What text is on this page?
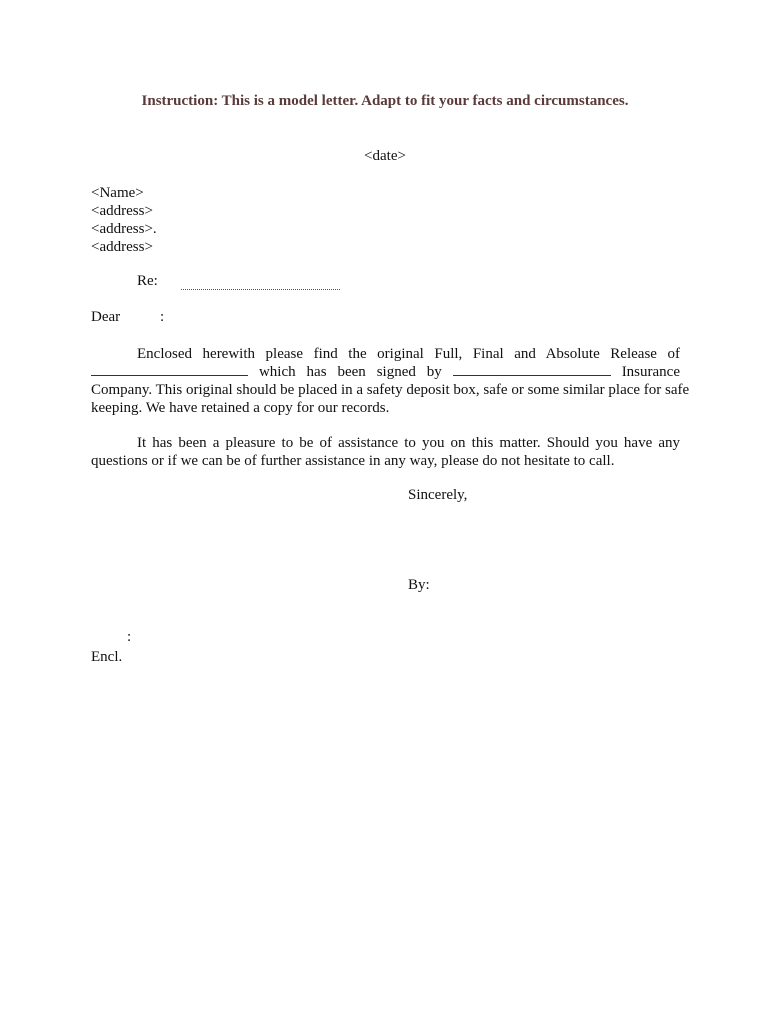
Instruction: This is a model letter. Adapt to fit your facts and circumstances.
<date>
<Name>
<address>
<address>.
<address>
Re:
Dear	:
Enclosed herewith please find the original Full, Final and Absolute Release of
which has been signed by	Insurance
Company. This original should be placed in a safety deposit box, safe or some similar place for safe
keeping. We have retained a copy for our records.
It has been a pleasure to be of assistance to you on this matter. Should you have any
questions or if we can be of further assistance in any way, please do not hesitate to call.
Sincerely,
By:
:
Encl.
